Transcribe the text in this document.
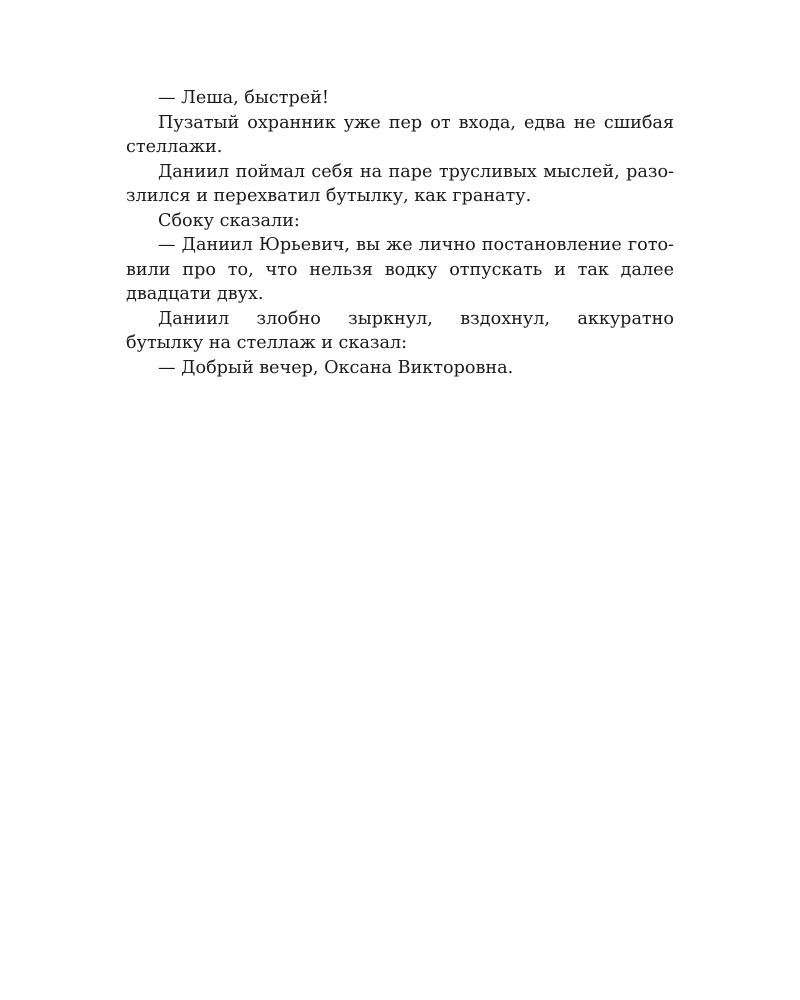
— Леша, быстрей!
Пузатый охранник уже пер от входа, едва не сшибая
стеллажи.
Даниил поймал себя на паре трусливых мыслей, разо-
злился и перехватил бутылку, как гранату.
Сбоку сказали:
— Даниил Юрьевич, вы же лично постановление гото-
вили про то, что нельзя водку отпускать и так далее
двадцати двух.
Даниил злобно зыркнул, вздохнул, аккуратно
бутылку на стеллаж и сказал:
— Добрый вечер, Оксана Викторовна.
